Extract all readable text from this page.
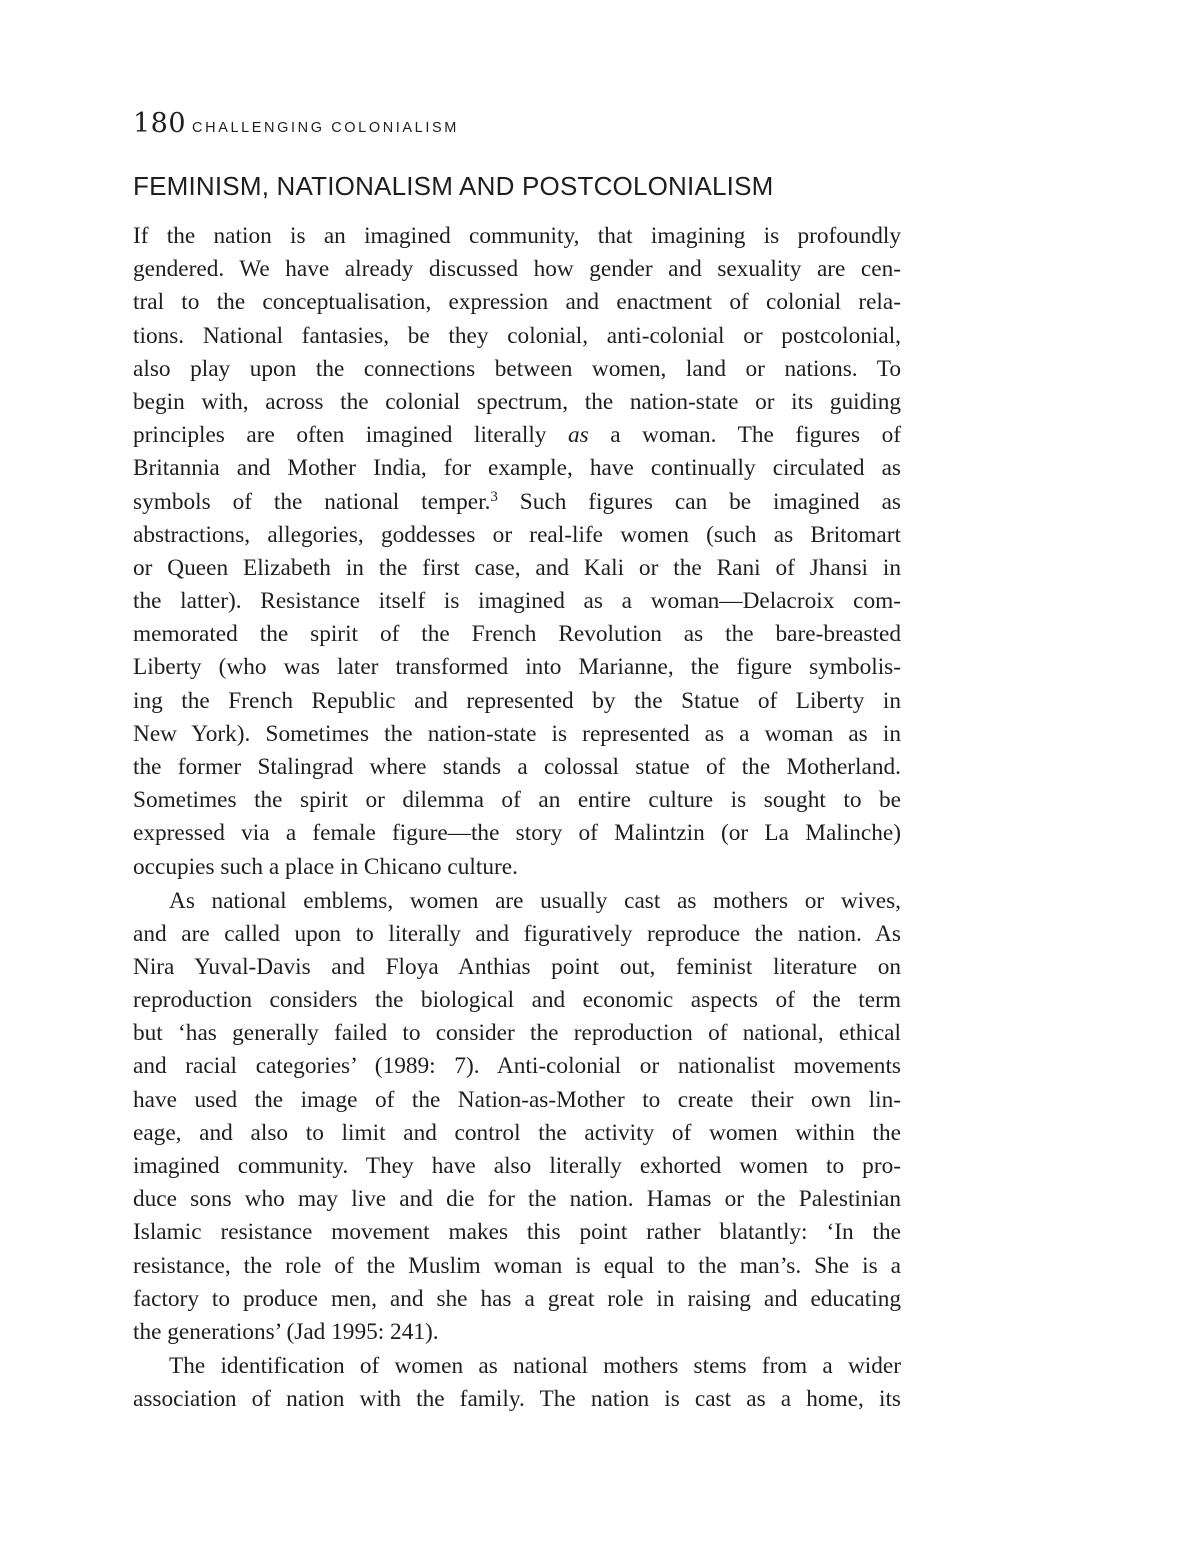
180 CHALLENGING COLONIALISM
FEMINISM, NATIONALISM AND POSTCOLONIALISM
If the nation is an imagined community, that imagining is profoundly
gendered. We have already discussed how gender and sexuality are cen-
tral to the conceptualisation, expression and enactment of colonial rela-
tions. National fantasies, be they colonial, anti-colonial or postcolonial,
also play upon the connections between women, land or nations. To
begin with, across the colonial spectrum, the nation-state or its guiding
principles are often imagined literally as a woman. The figures of
Britannia and Mother India, for example, have continually circulated as
symbols of the national temper.$^3$ Such figures can be imagined as
abstractions, allegories, goddesses or real-life women (such as Britomart
or Queen Elizabeth in the first case, and Kali or the Rani of Jhansi in
the latter). Resistance itself is imagined as a woman—Delacroix com-
memorated the spirit of the French Revolution as the bare-breasted
Liberty (who was later transformed into Marianne, the figure symbolis-
ing the French Republic and represented by the Statue of Liberty in
New York). Sometimes the nation-state is represented as a woman as in
the former Stalingrad where stands a colossal statue of the Motherland.
Sometimes the spirit or dilemma of an entire culture is sought to be
expressed via a female figure—the story of Malintzin (or La Malinche)
occupies such a place in Chicano culture.
As national emblems, women are usually cast as mothers or wives,
and are called upon to literally and figuratively reproduce the nation. As
Nira Yuval-Davis and Floya Anthias point out, feminist literature on
reproduction considers the biological and economic aspects of the term
but ‘has generally failed to consider the reproduction of national, ethical
and racial categories’ (1989: 7). Anti-colonial or nationalist movements
have used the image of the Nation-as-Mother to create their own lin-
eage, and also to limit and control the activity of women within the
imagined community. They have also literally exhorted women to pro-
duce sons who may live and die for the nation. Hamas or the Palestinian
Islamic resistance movement makes this point rather blatantly: ‘In the
resistance, the role of the Muslim woman is equal to the man’s. She is a
factory to produce men, and she has a great role in raising and educating
the generations’ (Jad 1995: 241).
The identification of women as national mothers stems from a wider
association of nation with the family. The nation is cast as a home, its
